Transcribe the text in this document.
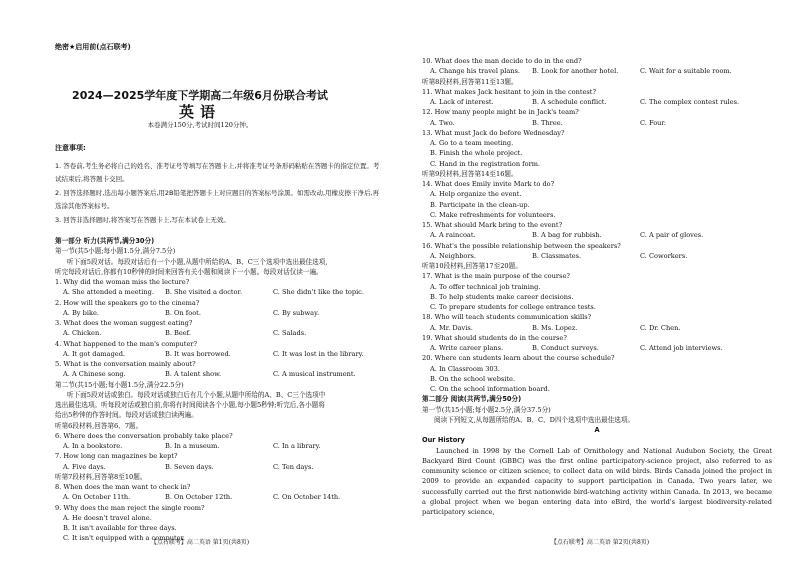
绝密★启用前(点石联考)
2024—2025学年度下学期高二年级6月份联合考试
英语
本卷满分150分,考试时间120分钟。
注意事项:
1. 答卷前,考生务必将自己的姓名、准考证号等填写在答题卡上,并将准考证号条形码粘贴在答题卡的指定位置。考试结束后,将答题卡交回。
2. 回答选择题时,选出每小题答案后,用2B铅笔把答题卡上对应题目的答案标号涂黑。如需改动,用橡皮擦干净后,再选涂其他答案标号。
3. 回答非选择题时,将答案写在答题卡上,写在本试卷上无效。
第一部分 听力(共两节,满分30分)
第一节(共5小题;每小题1.5分,满分7.5分)
听下面5段对话。每段对话后有一个小题,从题中所给的A、B、C三个选项中选出最佳选项,
听完每段对话后,你都有10秒钟的时间来回答有关小题和阅读下一小题。每段对话仅读一遍。
1. Why did the woman miss the lecture?
A. She attended a meeting. B. She visited a doctor.	C. She didn't like the topic.
2. How will the speakers go to the cinema?
A. By bike.	B. On foot.	C. By subway.
3. What does the woman suggest eating?
A. Chicken.	B. Beef.	C. Salads.
4. What happened to the man's computer?
A. It got damaged.	B. It was borrowed.	C. It was lost in the library.
5. What is the conversation mainly about?
A. A Chinese song.	B. A talent show.	C. A musical instrument.
第二节(共15小题;每小题1.5分,满分22.5分)
听下面5段对话或独白。每段对话或独白后有几个小题,从题中所给的A、B、C三个选项中
选出最佳选项。听每段对话或独白前,你将有时间阅读各个小题,每小题5秒钟;听完后,各小题将
给出5秒钟的作答时间。每段对话或独白读两遍。
听第6段材料,回答第6、7题。
6. Where does the conversation probably take place?
A. In a bookstore.	B. In a museum.	C. In a library.
7. How long can magazines be kept?
A. Five days.	B. Seven days.	C. Ten days.
听第7段材料,回答第8至10题。
8. When does the man want to check in?
A. On October 11th.	B. On October 12th.	C. On October 14th.
9. Why does the man reject the single room?
A. He doesn't travel alone.
B. It isn't available for three days.
C. It isn't equipped with a computer.
【点石联考】高二英语 第1页(共8页)
10. What does the man decide to do in the end?
A. Change his travel plans. B. Look for another hotel.	C. Wait for a suitable room.
听第8段材料,回答第11至13题。
11. What makes Jack hesitant to join in the contest?
A. Lack of interest.	B. A schedule conflict.	C. The complex contest rules.
12. How many people might be in Jack's team?
A. Two.	B. Three.	C. Four.
13. What must Jack do before Wednesday?
A. Go to a team meeting.
B. Finish the whole project.
C. Hand in the registration form.
听第9段材料,回答第14至16题。
14. What does Emily invite Mark to do?
A. Help organize the event.
B. Participate in the clean-up.
C. Make refreshments for volunteers.
15. What should Mark bring to the event?
A. A raincoat.	B. A bag for rubbish.	C. A pair of gloves.
16. What's the possible relationship between the speakers?
A. Neighbors.	B. Classmates.	C. Coworkers.
听第10段材料,回答第17至20题。
17. What is the main purpose of the course?
A. To offer technical job training.
B. To help students make career decisions.
C. To prepare students for college entrance tests.
18. Who will teach students communication skills?
A. Mr. Davis.	B. Ms. Lopez.	C. Dr. Chen.
19. What should students do in the course?
A. Write career plans.	B. Conduct surveys.	C. Attend job interviews.
20. Where can students learn about the course schedule?
A. In Classroom 303.
B. On the school website.
C. On the school information board.
第二部分 阅读(共两节,满分50分)
第一节(共15小题;每小题2.5分,满分37.5分)
阅读下列短文,从每题所给的A、B、C、D四个选项中选出最佳选项。
A
Our History
Launched in 1998 by the Cornell Lab of Ornithology and National Audubon Society, the Great Backyard Bird Count (GBBC) was the first online participatory-science project, also referred to as community science or citizen science, to collect data on wild birds. Birds Canada joined the project in 2009 to provide an expanded capacity to support participation in Canada. Two years later, we successfully carried out the first nationwide bird-watching activity within Canada. In 2013, we became a global project when we began entering data into eBird, the world's largest biodiversity-related participatory science,
【点石联考】高二英语 第2页(共8页)
